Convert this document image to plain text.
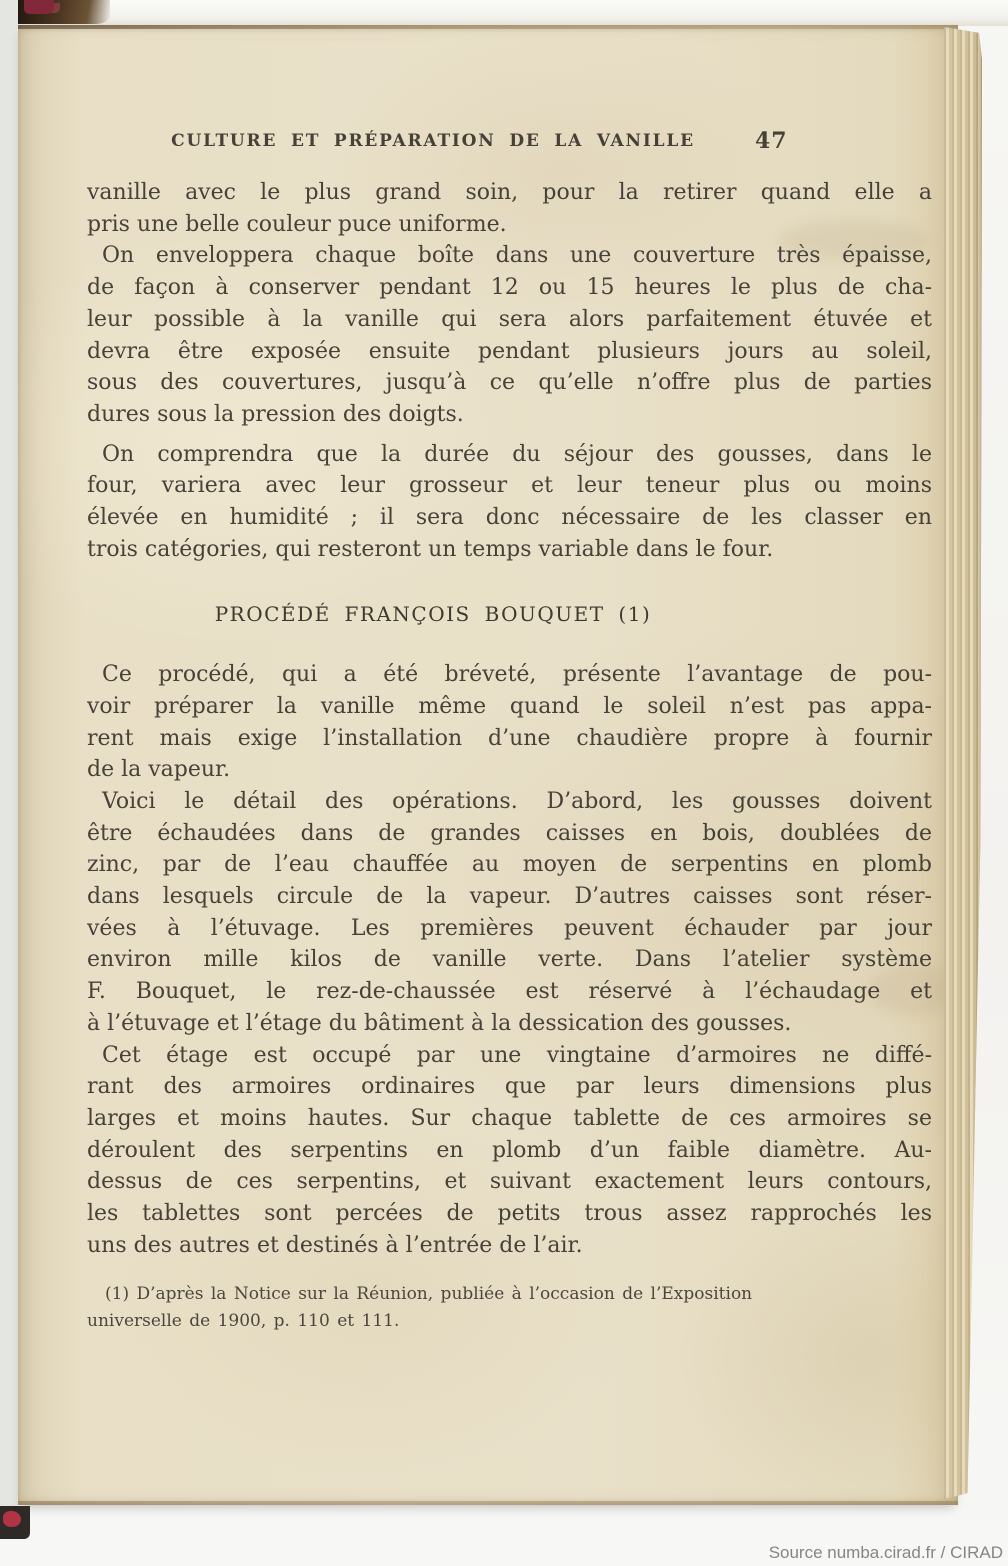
CULTURE ET PRÉPARATION DE LA VANILLE	47
vanille avec le plus grand soin, pour la retirer quand elle a
pris une belle couleur puce uniforme.
On enveloppera chaque boîte dans une couverture très épaisse,
de façon à conserver pendant 12 ou 15 heures le plus de cha-
leur possible à la vanille qui sera alors parfaitement étuvée et
devra être exposée ensuite pendant plusieurs jours au soleil,
sous des couvertures, jusqu’à ce qu’elle n’offre plus de parties
dures sous la pression des doigts.
On comprendra que la durée du séjour des gousses, dans le
four, variera avec leur grosseur et leur teneur plus ou moins
élevée en humidité ; il sera donc nécessaire de les classer en
trois catégories, qui resteront un temps variable dans le four.
PROCÉDÉ FRANÇOIS BOUQUET (1)
Ce procédé, qui a été bréveté, présente l’avantage de pou-
voir préparer la vanille même quand le soleil n’est pas appa-
rent mais exige l’installation d’une chaudière propre à fournir
de la vapeur.
Voici le détail des opérations. D’abord, les gousses doivent
être échaudées dans de grandes caisses en bois, doublées de
zinc, par de l’eau chauffée au moyen de serpentins en plomb
dans lesquels circule de la vapeur. D’autres caisses sont réser-
vées à l’étuvage. Les premières peuvent échauder par jour
environ mille kilos de vanille verte. Dans l’atelier système
F. Bouquet, le rez-de-chaussée est réservé à l’échaudage et
à l’étuvage et l’étage du bâtiment à la dessication des gousses.
Cet étage est occupé par une vingtaine d’armoires ne diffé-
rant des armoires ordinaires que par leurs dimensions plus
larges et moins hautes. Sur chaque tablette de ces armoires se
déroulent des serpentins en plomb d’un faible diamètre. Au-
dessus de ces serpentins, et suivant exactement leurs contours,
les tablettes sont percées de petits trous assez rapprochés les
uns des autres et destinés à l’entrée de l’air.
(1) D’après la Notice sur la Réunion, publiée à l’occasion de l’Exposition
universelle de 1900, p. 110 et 111.
Source numba.cirad.fr / CIRAD
